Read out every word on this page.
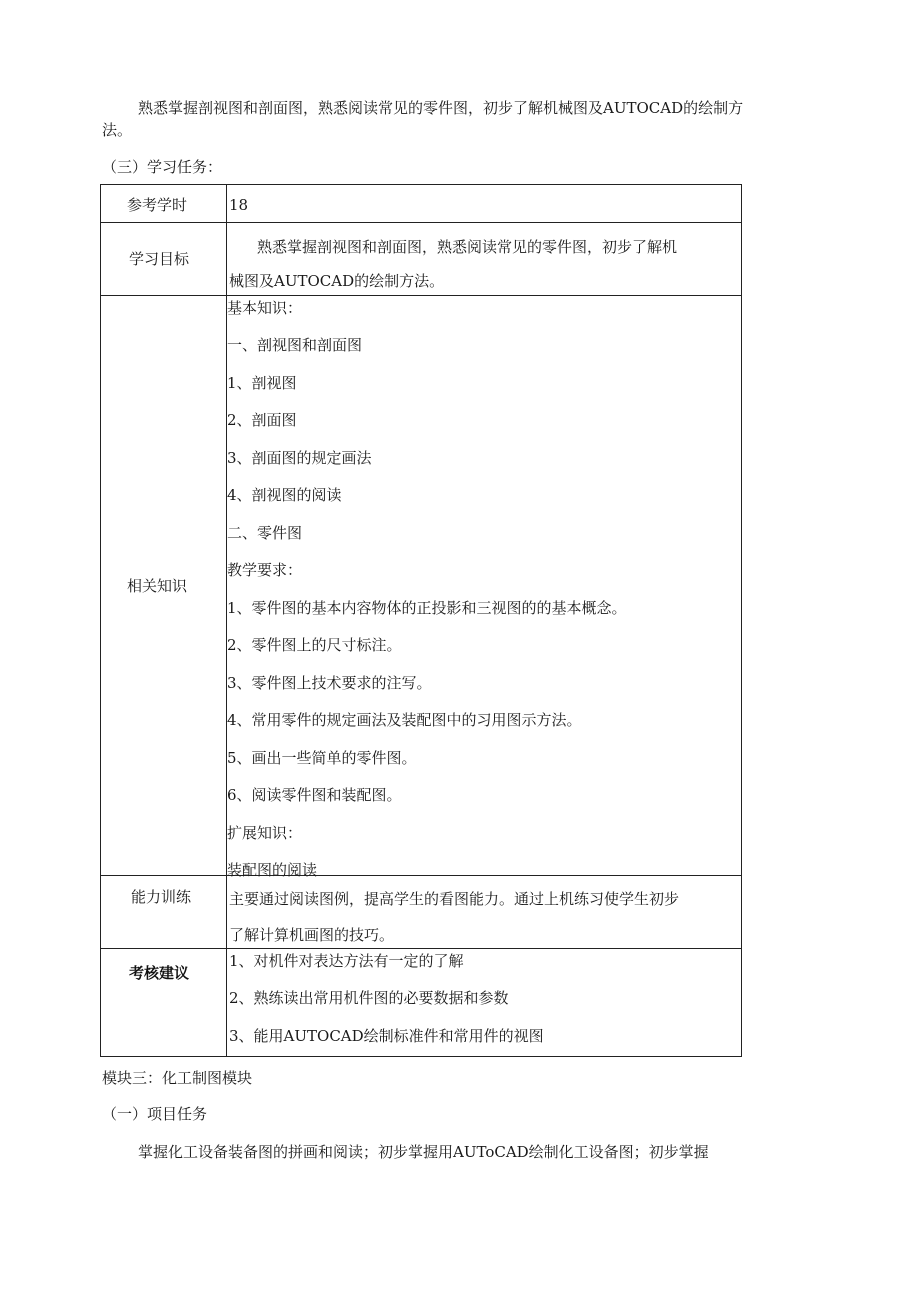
熟悉掌握剖视图和剖面图，熟悉阅读常见的零件图，初步了解机械图及AUTOCAD的绘制方
法。
（三）学习任务：
参考学时	18
学习目标
熟悉掌握剖视图和剖面图，熟悉阅读常见的零件图，初步了解机
械图及AUTOCAD的绘制方法。
相关知识
基本知识：
一、剖视图和剖面图
1、剖视图
2、剖面图
3、剖面图的规定画法
4、剖视图的阅读
二、零件图
教学要求：
1、零件图的基本内容物体的正投影和三视图的的基本概念。
2、零件图上的尺寸标注。
3、零件图上技术要求的注写。
4、常用零件的规定画法及装配图中的习用图示方法。
5、画出一些简单的零件图。
6、阅读零件图和装配图。
扩展知识：
装配图的阅读
能力训练	主要通过阅读图例，提高学生的看图能力。通过上机练习使学生初步
了解计算机画图的技巧。
考核建议
1、对机件对表达方法有一定的了解
2、熟练读出常用机件图的必要数据和参数
3、能用AUTOCAD绘制标准件和常用件的视图
模块三：化工制图模块
（一）项目任务
掌握化工设备装备图的拼画和阅读；初步掌握用AUToCAD绘制化工设备图；初步掌握
